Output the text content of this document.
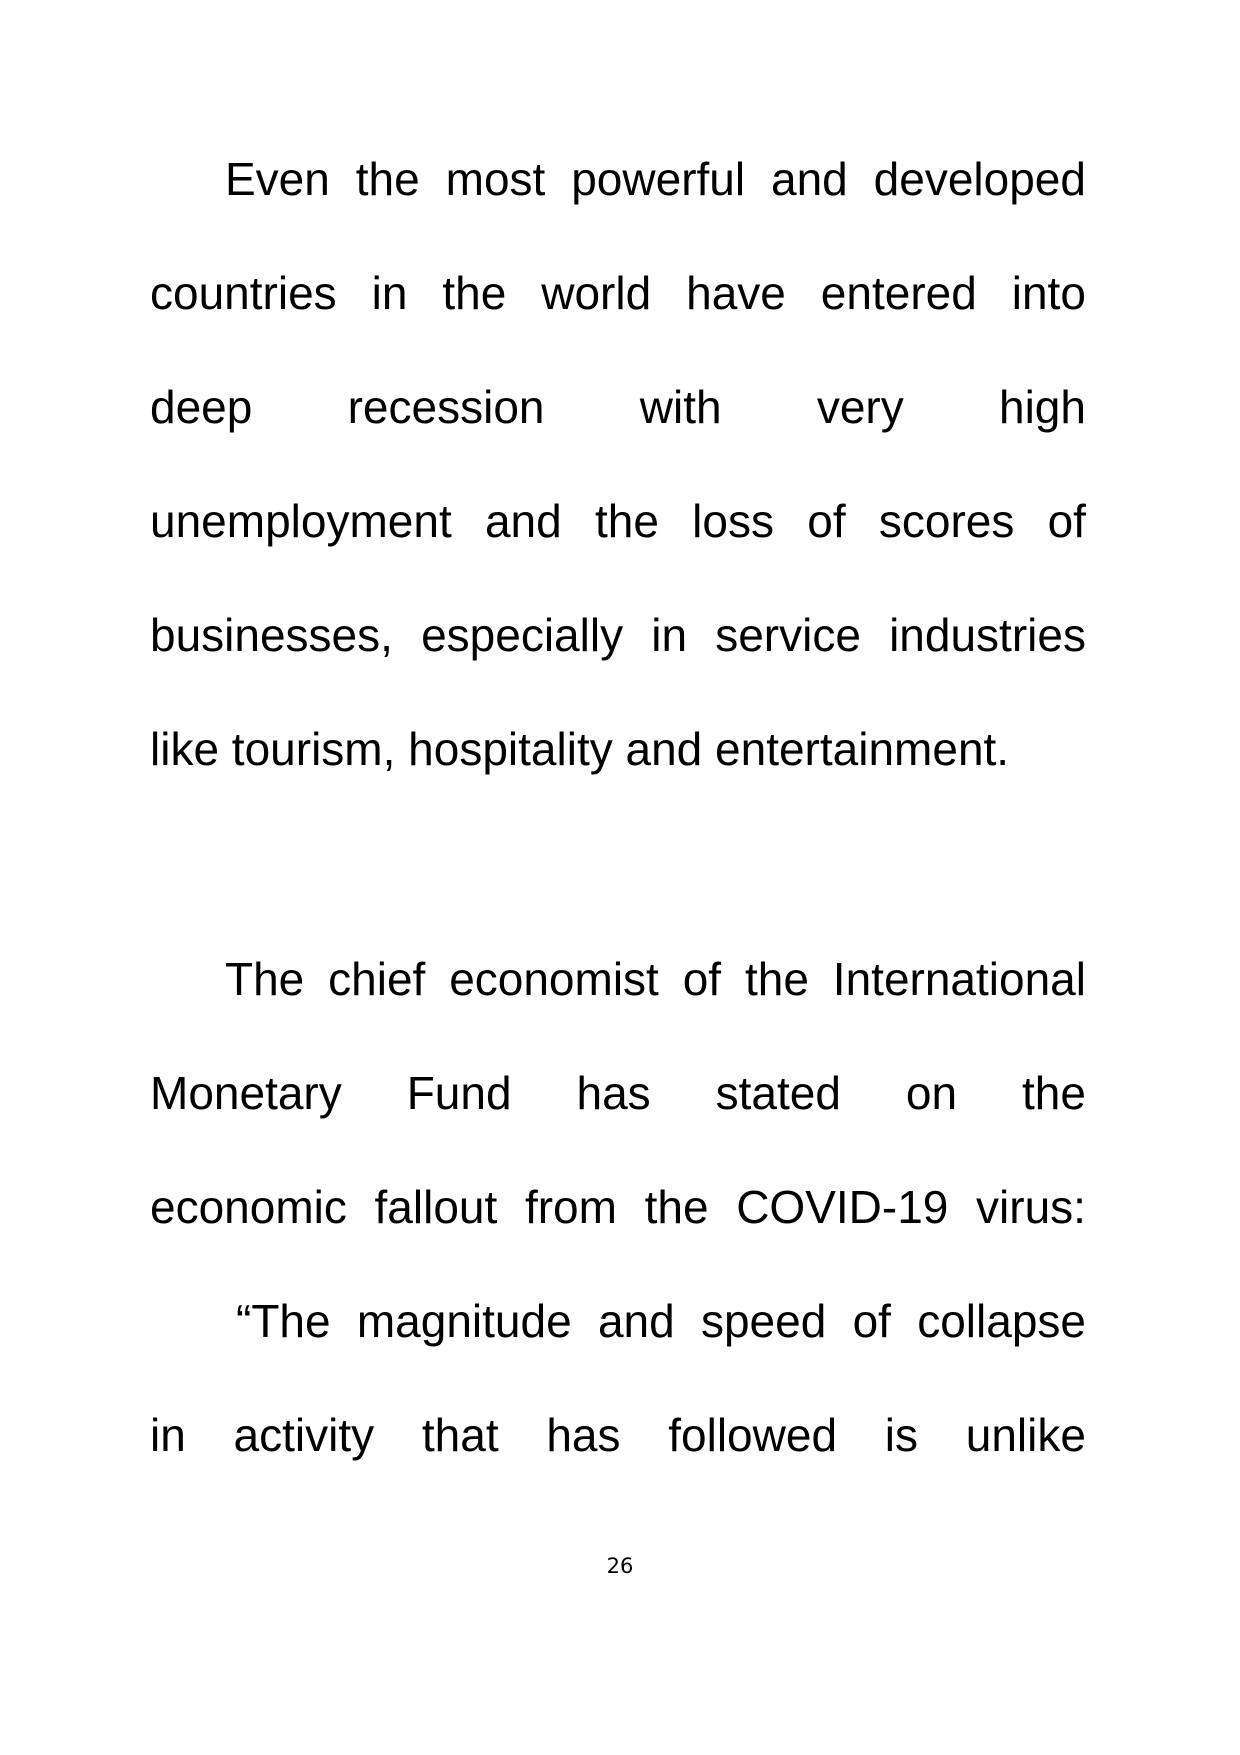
Even the most powerful and developed
countries in the world have entered into
deep recession with very high
unemployment and the loss of scores of
businesses, especially in service industries
like tourism, hospitality and entertainment.
The chief economist of the International
Monetary Fund has stated on the
economic fallout from the COVID-19 virus:
“The magnitude and speed of collapse
in activity that has followed is unlike
26
